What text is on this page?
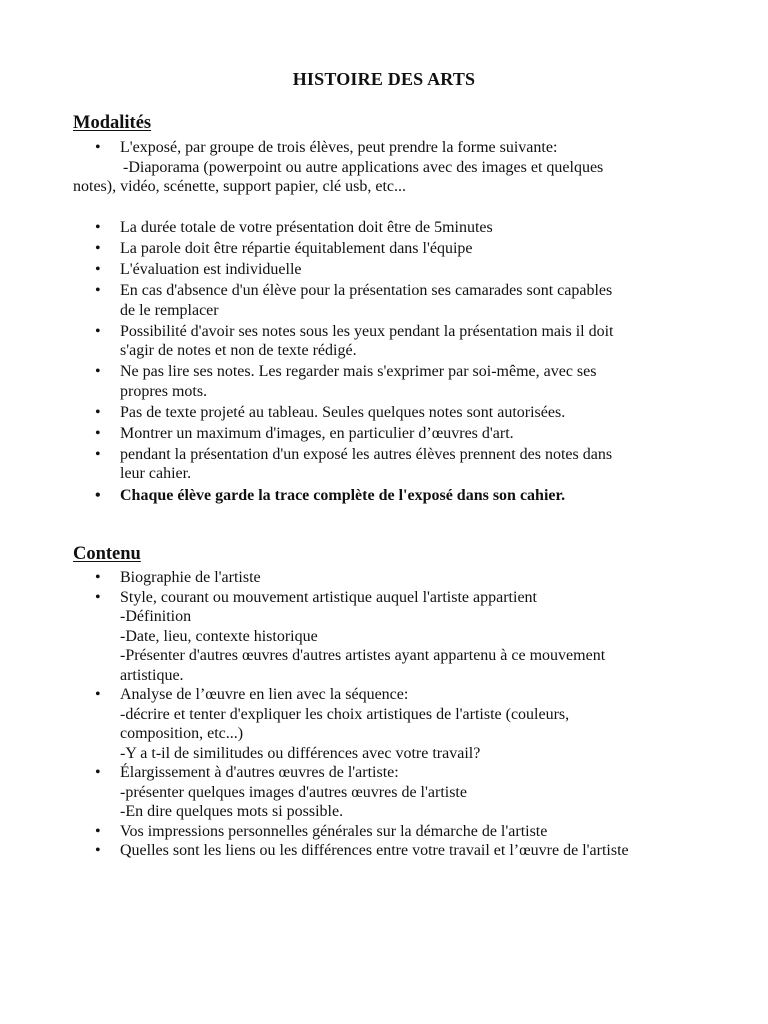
HISTOIRE DES ARTS
Modalités
• L'exposé, par groupe de trois élèves, peut prendre la forme suivante:
-Diaporama (powerpoint ou autre applications avec des images et quelques
notes), vidéo, scénette, support papier, clé usb, etc...
• La durée totale de votre présentation doit être de 5minutes
• La parole doit être répartie équitablement dans l'équipe
• L'évaluation est individuelle
• En cas d'absence d'un élève pour la présentation ses camarades sont capables
de le remplacer
• Possibilité d'avoir ses notes sous les yeux pendant la présentation mais il doit
s'agir de notes et non de texte rédigé.
• Ne pas lire ses notes. Les regarder mais s'exprimer par soi-même, avec ses
propres mots.
• Pas de texte projeté au tableau. Seules quelques notes sont autorisées.
• Montrer un maximum d'images, en particulier d’œuvres d'art.
• pendant la présentation d'un exposé les autres élèves prennent des notes dans
leur cahier.
• Chaque élève garde la trace complète de l'exposé dans son cahier.
Contenu
• Biographie de l'artiste
• Style, courant ou mouvement artistique auquel l'artiste appartient
-Définition
-Date, lieu, contexte historique
-Présenter d'autres œuvres d'autres artistes ayant appartenu à ce mouvement
artistique.
• Analyse de l’œuvre en lien avec la séquence:
-décrire et tenter d'expliquer les choix artistiques de l'artiste (couleurs,
composition, etc...)
-Y a t-il de similitudes ou différences avec votre travail?
• Élargissement à d'autres œuvres de l'artiste:
-présenter quelques images d'autres œuvres de l'artiste
-En dire quelques mots si possible.
• Vos impressions personnelles générales sur la démarche de l'artiste
• Quelles sont les liens ou les différences entre votre travail et l’œuvre de l'artiste
